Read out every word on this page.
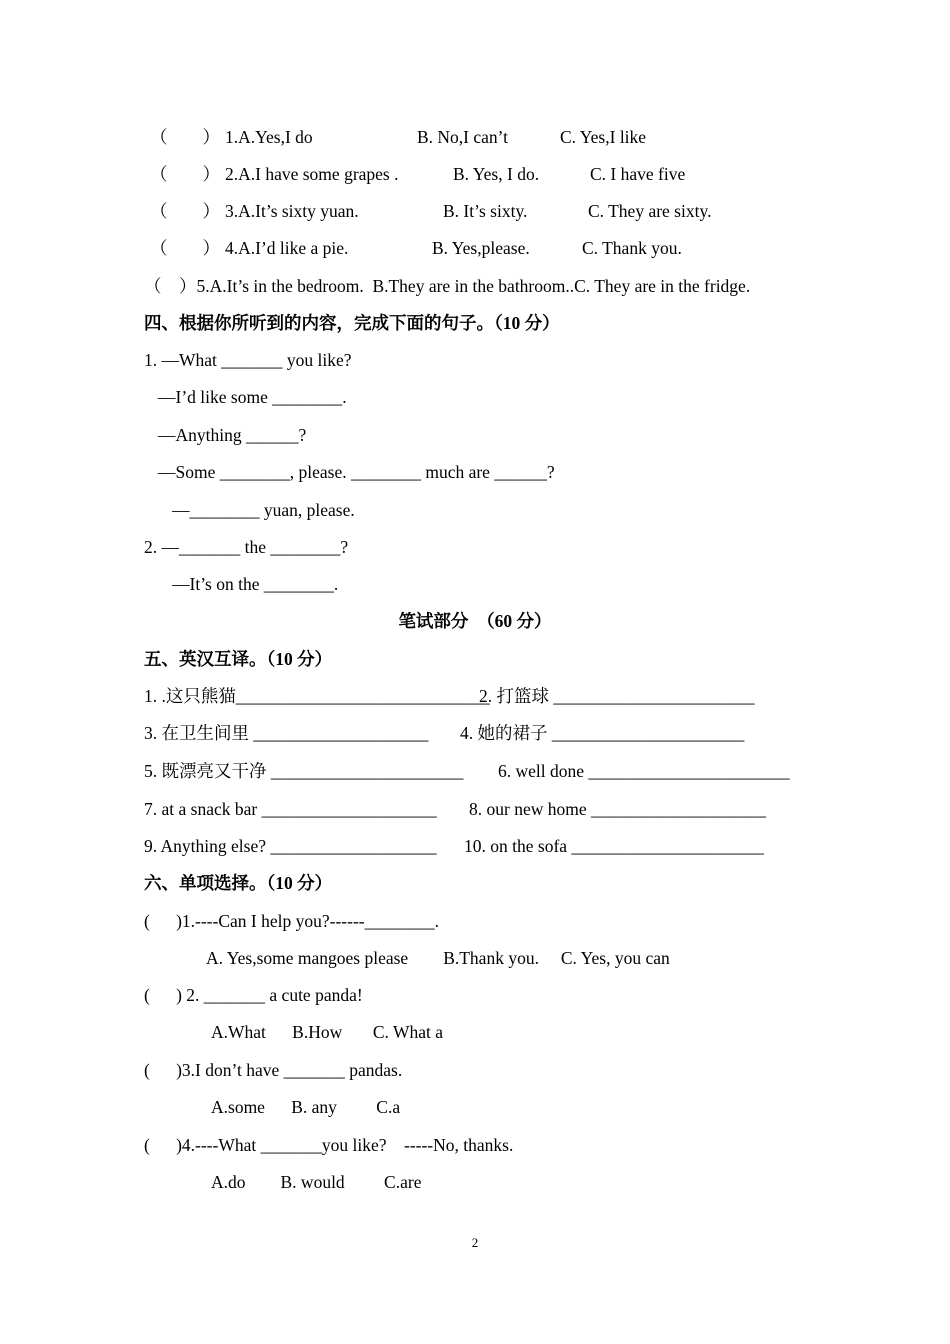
（        ） 1.A.Yes,I do	B. No,I can’t	C. Yes,I like
（        ） 2.A.I have some grapes .	B. Yes, I do.	C. I have five
（        ） 3.A.It’s sixty yuan.	B. It’s sixty.	C. They are sixty.
（        ） 4.A.I’d like a pie.	B. Yes,please.	C. Thank you.
（    ）5.A.It’s in the bedroom.  B.They are in the bathroom..C. They are in the fridge.
四、根据你所听到的内容，完成下面的句子。（10 分）
1. —What _______ you like?
—I’d like some ________.
—Anything ______?
—Some ________, please. ________ much are ______?
—________ yuan, please.
2. —_______ the ________?
—It’s on the ________.
笔试部分  （60 分）
五、英汉互译。（10 分）
1. .这只熊猫_____________________________
2. 打篮球 _______________________
3. 在卫生间里 ____________________ 4. 她的裙子 ______________________
5. 既漂亮又干净 ______________________ 6. well done _______________________
7. at a snack bar ____________________ 8. our new home ____________________
9. Anything else? ___________________ 10. on the sofa ______________________
六、单项选择。（10 分）
(      )1.----Can I help you?------________.
A. Yes,some mangoes please        B.Thank you.     C. Yes, you can
(      ) 2. _______ a cute panda!
A.What      B.How       C. What a
(      )3.I don’t have _______ pandas.
A.some      B. any         C.a
(      )4.----What _______you like?    -----No, thanks.
A.do        B. would         C.are
2
